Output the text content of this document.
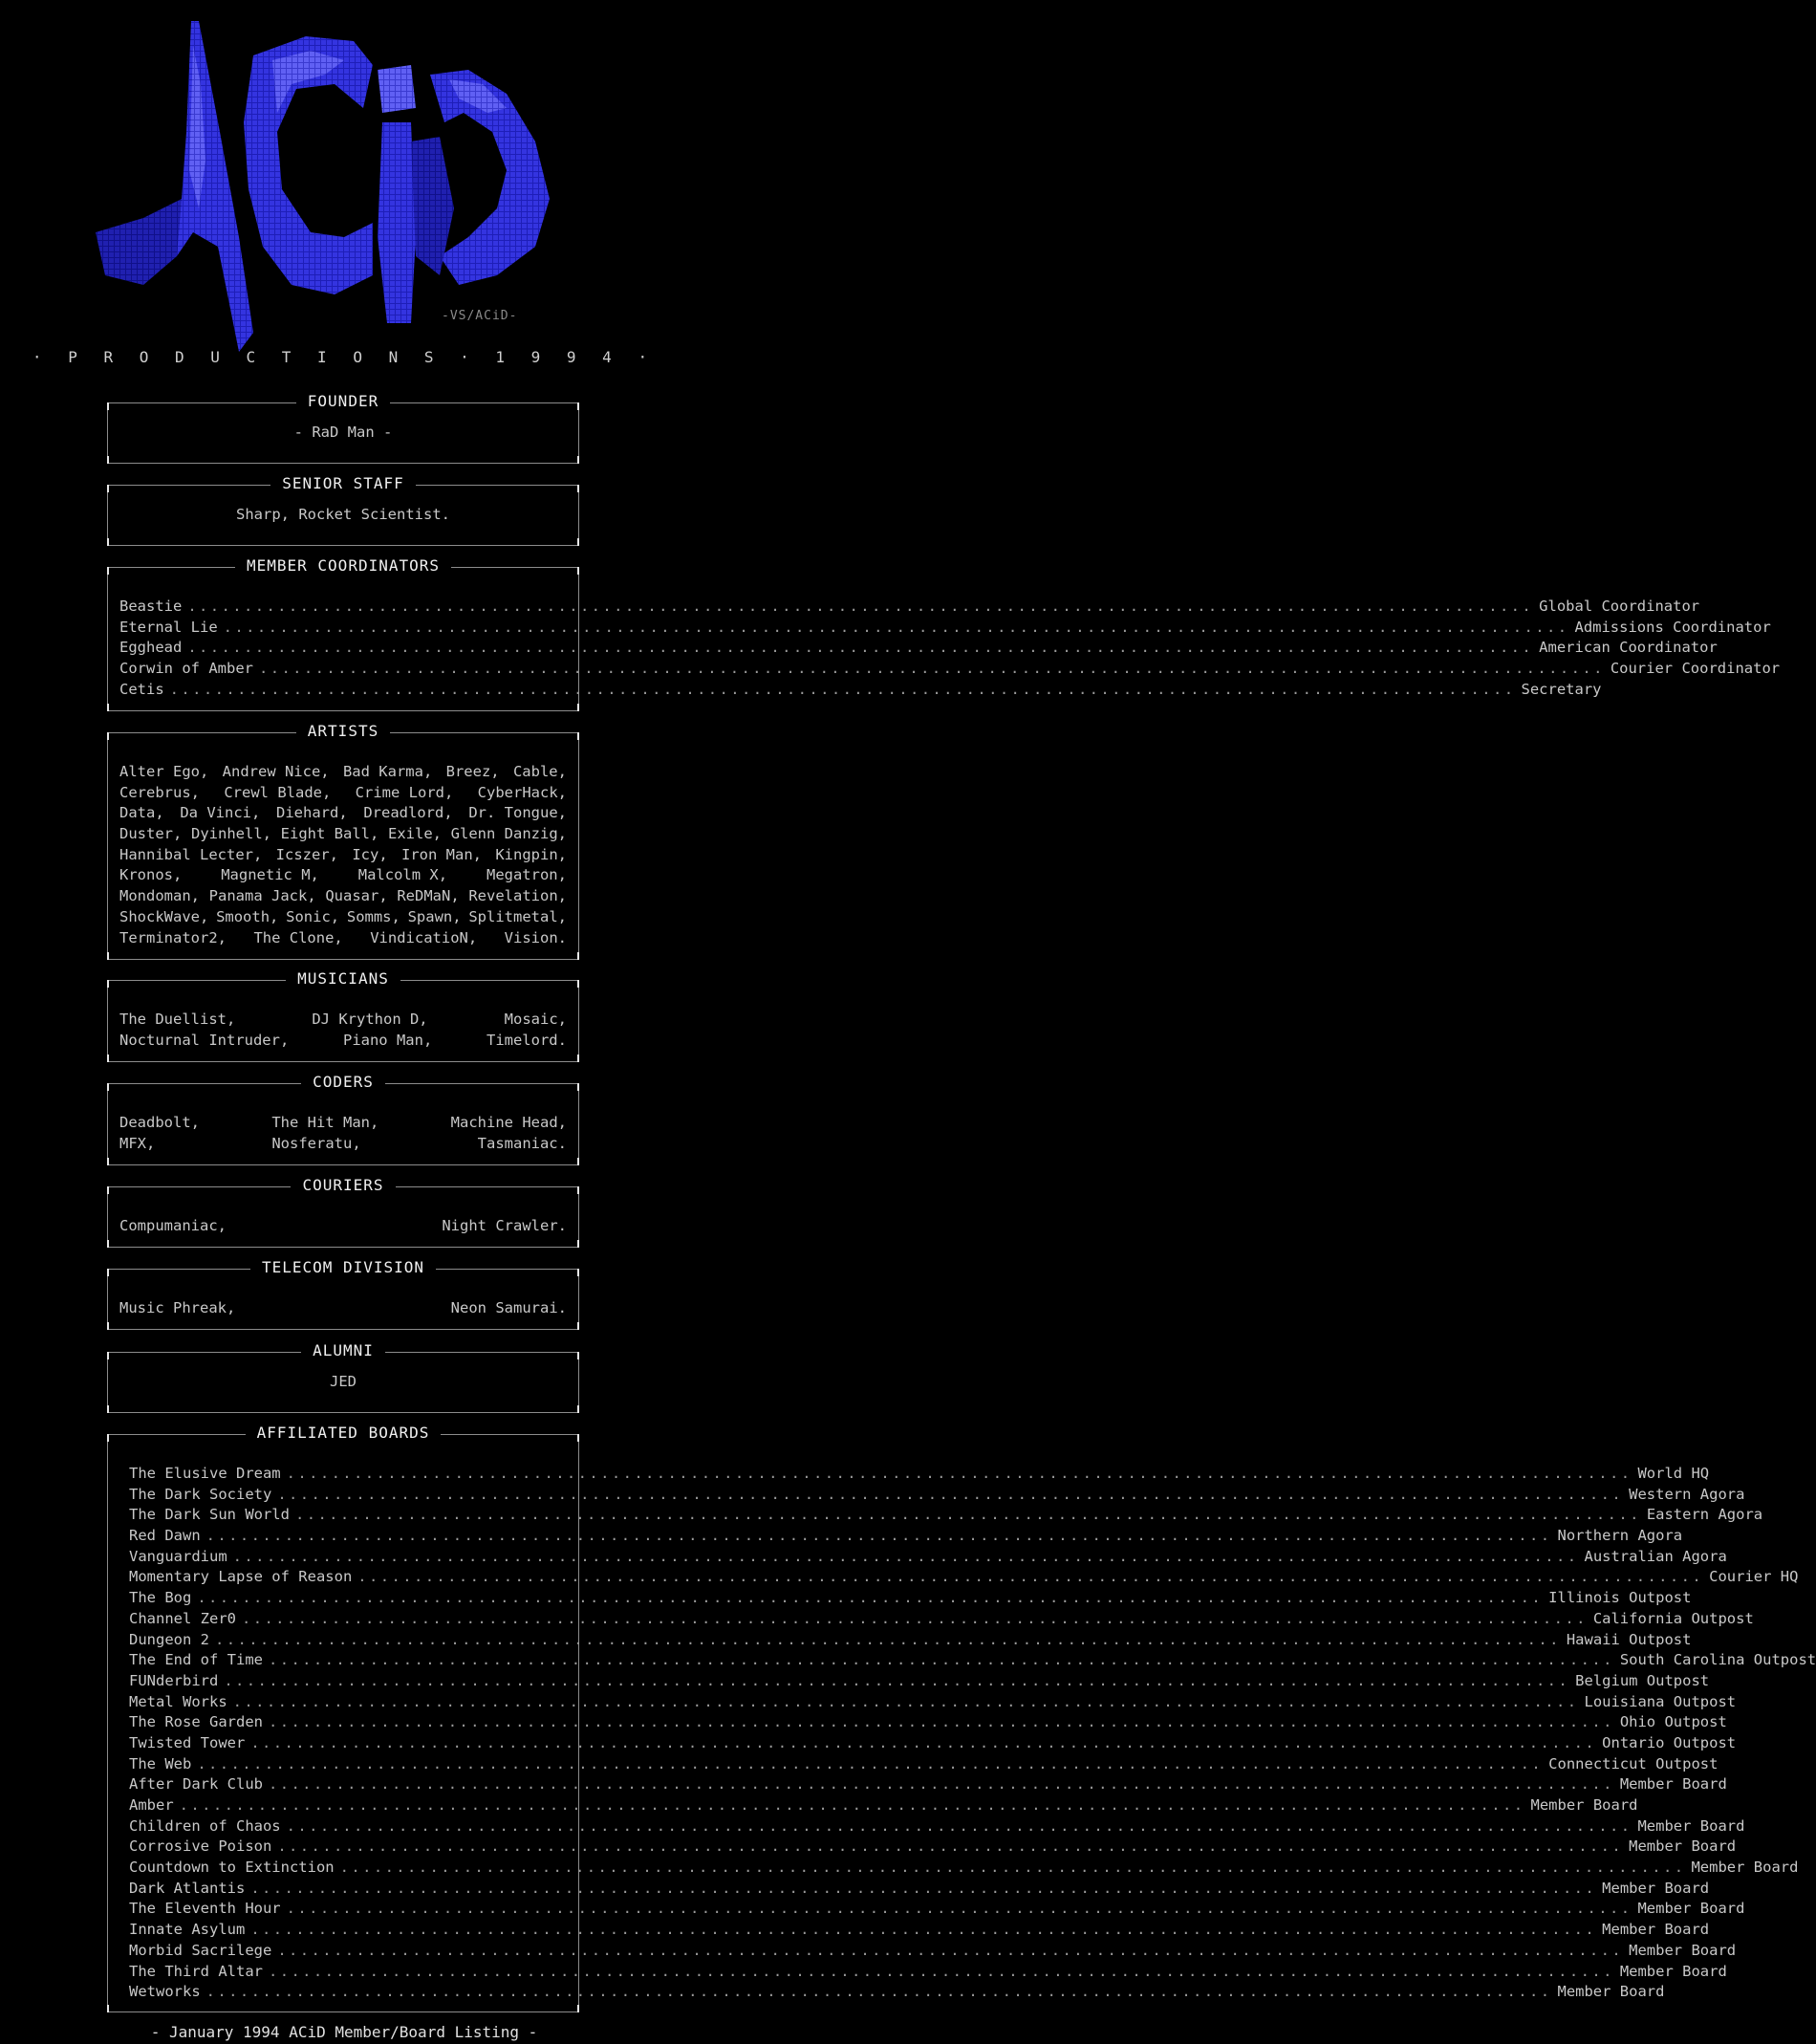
-VS/ACiD-
· P R O D U C T I O N S · 1 9 9 4 ·
FOUNDER
- RaD Man -
SENIOR STAFF
Sharp, Rocket Scientist.
MEMBER COORDINATORS
Beastie ........................................................................................................................ Global Coordinator
Eternal Lie ........................................................................................................................ Admissions Coordinator
Egghead ........................................................................................................................ American Coordinator
Corwin of Amber ........................................................................................................................ Courier Coordinator
Cetis ........................................................................................................................ Secretary
ARTISTS
Alter Ego, Andrew Nice, Bad Karma, Breez, Cable,
Cerebrus, Crewl Blade, Crime Lord, CyberHack,
Data, Da Vinci, Diehard, Dreadlord, Dr. Tongue,
Duster, Dyinhell, Eight Ball, Exile, Glenn Danzig,
Hannibal Lecter, Icszer, Icy, Iron Man, Kingpin,
Kronos,	Magnetic M,	Malcolm X,	Megatron,
Mondoman, Panama Jack, Quasar, ReDMaN, Revelation,
ShockWave, Smooth, Sonic, Somms, Spawn, Splitmetal,
Terminator2, The Clone, VindicatioN, Vision.
MUSICIANS
The Duellist,	DJ Krython D,	Mosaic,
Nocturnal Intruder,	Piano Man,	Timelord.
CODERS
Deadbolt,	The Hit Man,	Machine Head,
MFX,	Nosferatu,	Tasmaniac.
COURIERS
Compumaniac,	Night Crawler.
TELECOM DIVISION
Music Phreak,	Neon Samurai.
ALUMNI
JED
AFFILIATED BOARDS
The Elusive Dream ........................................................................................................................ World HQ
The Dark Society ........................................................................................................................ Western Agora
The Dark Sun World ........................................................................................................................ Eastern Agora
Red Dawn ........................................................................................................................ Northern Agora
Vanguardium ........................................................................................................................ Australian Agora
Momentary Lapse of Reason ........................................................................................................................ Courier HQ
The Bog ........................................................................................................................ Illinois Outpost
Channel Zer0 ........................................................................................................................ California Outpost
Dungeon 2 ........................................................................................................................ Hawaii Outpost
The End of Time ........................................................................................................................ South Carolina Outpost
FUNderbird ........................................................................................................................ Belgium Outpost
Metal Works ........................................................................................................................ Louisiana Outpost
The Rose Garden ........................................................................................................................ Ohio Outpost
Twisted Tower ........................................................................................................................ Ontario Outpost
The Web ........................................................................................................................ Connecticut Outpost
After Dark Club ........................................................................................................................ Member Board
Amber ........................................................................................................................ Member Board
Children of Chaos ........................................................................................................................ Member Board
Corrosive Poison ........................................................................................................................ Member Board
Countdown to Extinction ........................................................................................................................ Member Board
Dark Atlantis ........................................................................................................................ Member Board
The Eleventh Hour ........................................................................................................................ Member Board
Innate Asylum ........................................................................................................................ Member Board
Morbid Sacrilege ........................................................................................................................ Member Board
The Third Altar ........................................................................................................................ Member Board
Wetworks ........................................................................................................................ Member Board
- January 1994 ACiD Member/Board Listing -
